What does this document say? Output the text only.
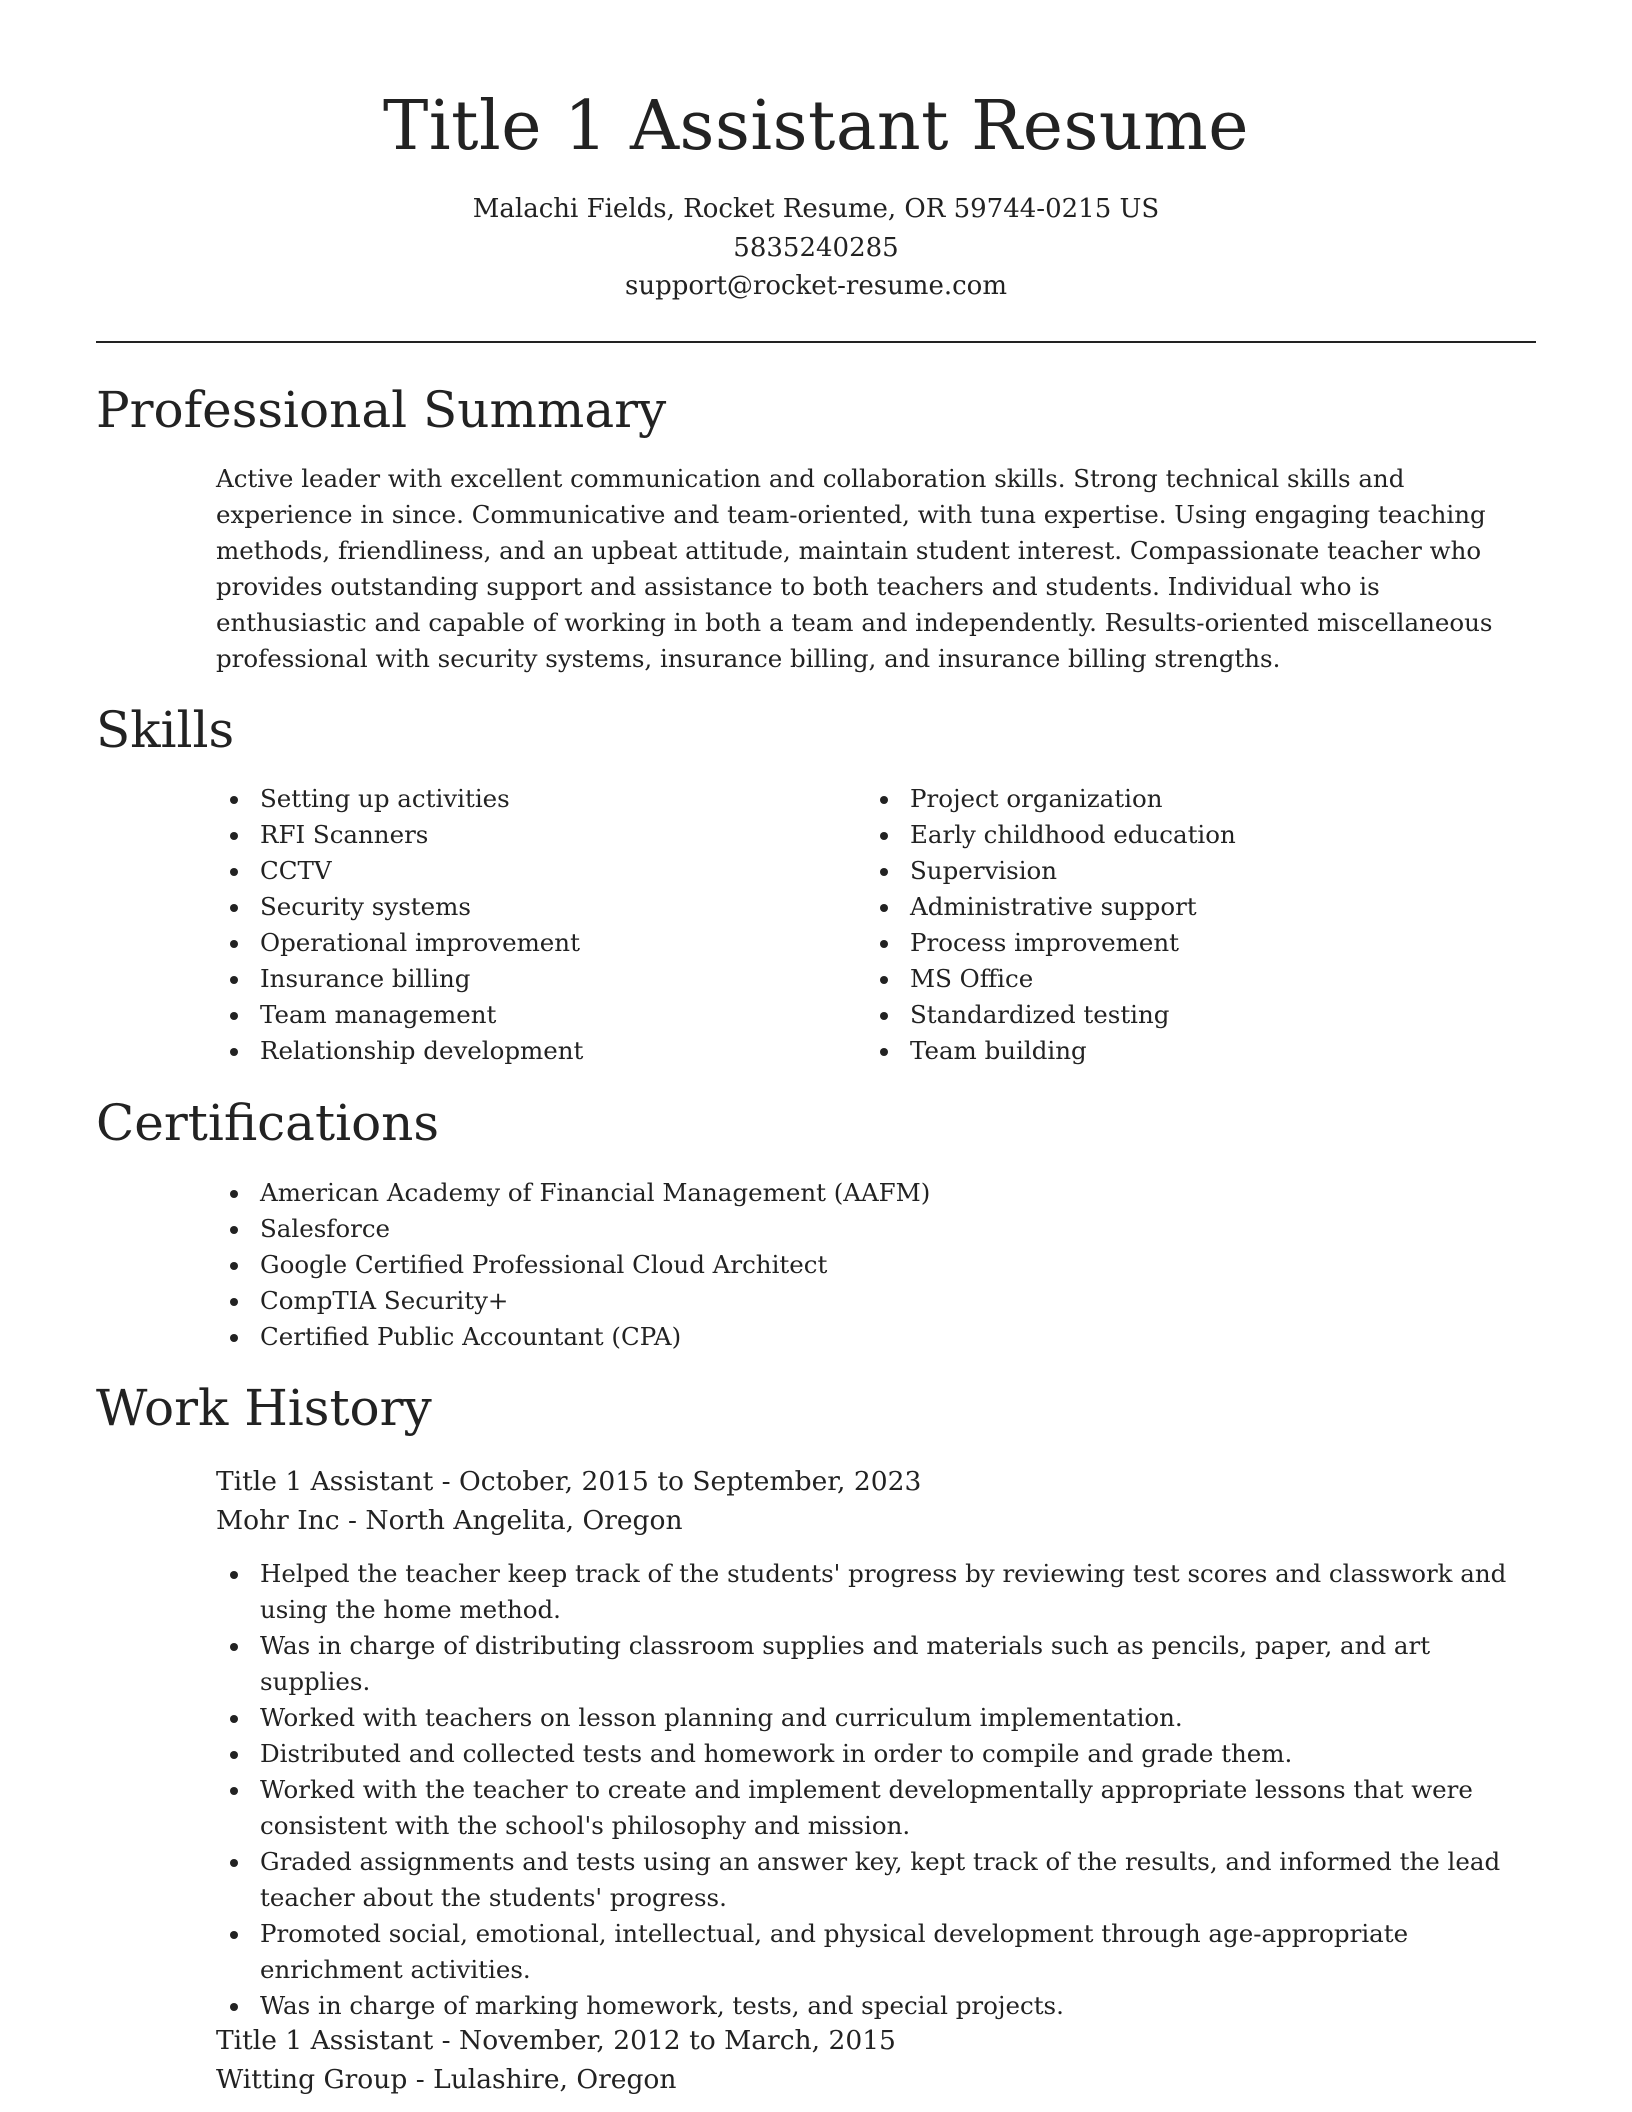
Title 1 Assistant Resume
Malachi Fields, Rocket Resume, OR 59744-0215 US
5835240285
support@rocket-resume.com
Professional Summary

Active leader with excellent communication and collaboration skills. Strong technical skills and experience in since. Communicative and team-oriented, with tuna expertise. Using engaging teaching methods, friendliness, and an upbeat attitude, maintain student interest. Compassionate teacher who provides outstanding support and assistance to both teachers and students. Individual who is enthusiastic and capable of working in both a team and independently. Results-oriented miscellaneous professional with security systems, insurance billing, and insurance billing strengths.

Skills
Setting up activities
RFI Scanners
CCTV
Security systems
Operational improvement
Insurance billing
Team management
Relationship development
Project organization
Early childhood education
Supervision
Administrative support
Process improvement
MS Office
Standardized testing
Team building
Certifications
American Academy of Financial Management (AAFM)
Salesforce
Google Certified Professional Cloud Architect
CompTIA Security+
Certified Public Accountant (CPA)
Work History
Title 1 Assistant - October, 2015 to September, 2023
Mohr Inc - North Angelita, Oregon
Helped the teacher keep track of the students' progress by reviewing test scores and classwork and using the home method.
Was in charge of distributing classroom supplies and materials such as pencils, paper, and art supplies.
Worked with teachers on lesson planning and curriculum implementation.
Distributed and collected tests and homework in order to compile and grade them.
Worked with the teacher to create and implement developmentally appropriate lessons that were consistent with the school's philosophy and mission.
Graded assignments and tests using an answer key, kept track of the results, and informed the lead teacher about the students' progress.
Promoted social, emotional, intellectual, and physical development through age-appropriate enrichment activities.
Was in charge of marking homework, tests, and special projects.
Title 1 Assistant - November, 2012 to March, 2015
Witting Group - Lulashire, Oregon
